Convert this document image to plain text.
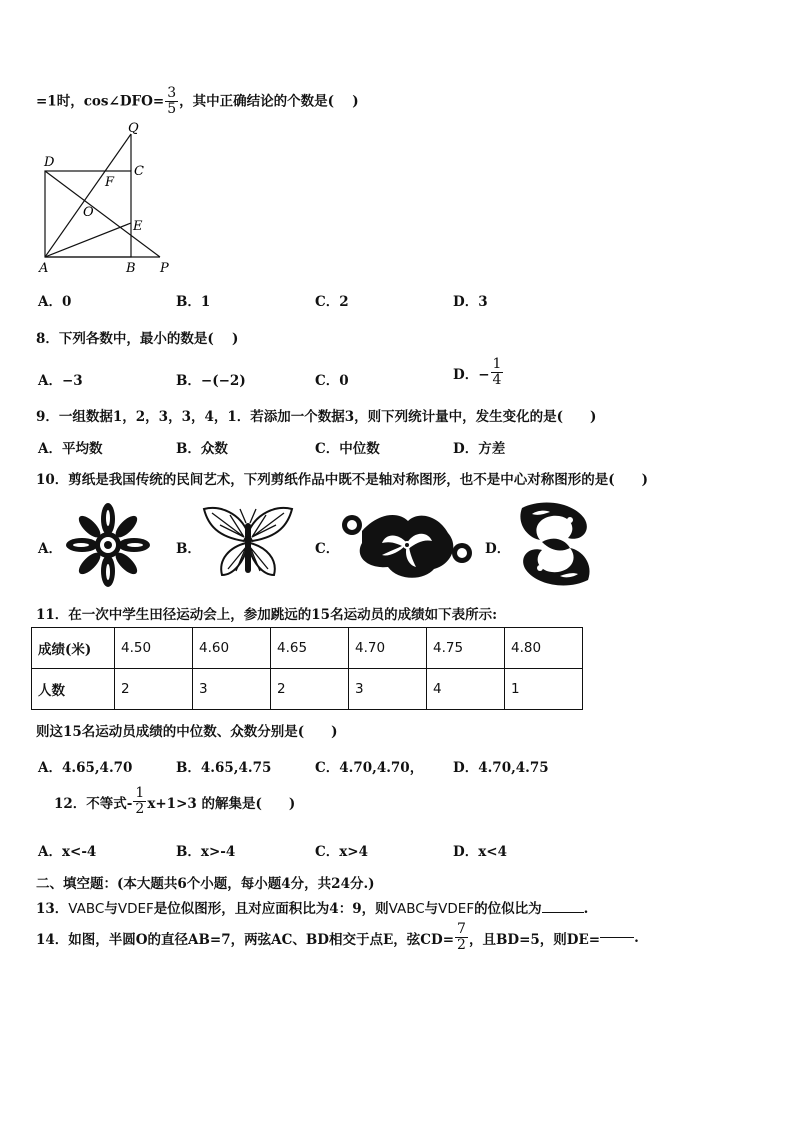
=1时，cos∠DFO= $\frac{3}{5}$ ，其中正确结论的个数是(　 )
Q
D
C
F
O
E
A	B P
A．0	B．1	C．2	D．3
8．下列各数中，最小的数是(　 )
A．−3	B．−(−2)	C．0	D．− $\frac{1}{4}$
9．一组数据1，2，3，3，4，1．若添加一个数据3，则下列统计量中，发生变化的是(　　)
A．平均数	B．众数	C．中位数	D．方差
10．剪纸是我国传统的民间艺术，下列剪纸作品中既不是轴对称图形，也不是中心对称图形的是(　　)
A．	B．	C．	D．
11．在一次中学生田径运动会上，参加跳远的15名运动员的成绩如下表所示:
成绩(米)	4.50	4.60	4.65	4.70	4.75	4.80
人数	2	3	2	3	4	1
则这15名运动员成绩的中位数、众数分别是(　　)
A．4.65,4.70	B．4.65,4.75	C．4.70,4.70， D．4.70,4.75
12．不等式- $\frac{1}{2} x+1>3$ 的解集是(　　)
A．x<-4	B．x>-4	C．x>4	D．x<4
二、填空题：(本大题共6个小题，每小题4分，共24分.)
13．VABC与VDEF是位似图形，且对应面积比为4：9，则VABC与VDEF的位似比为	.
14．如图，半圆O的直径AB=7，两弦AC、BD相交于点E，弦$CD= \frac{7}{2}$ ，且BD=5，则DE=	.
